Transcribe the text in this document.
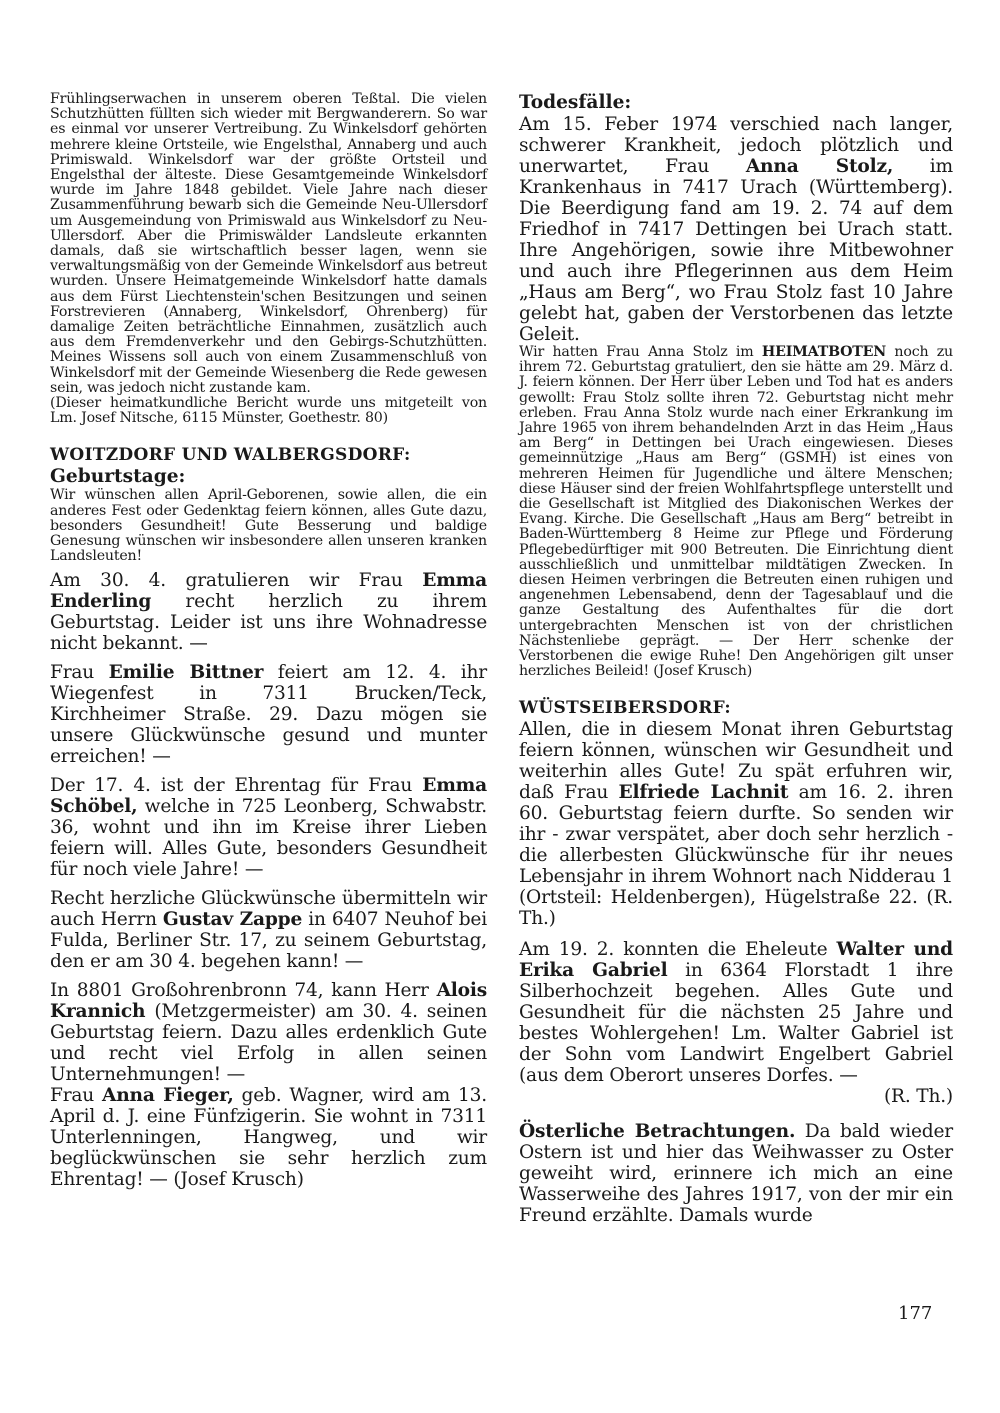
Frühlingserwachen in unserem oberen Teßtal. Die vielen Schutzhütten füllten sich wieder mit Bergwanderern. So war es einmal vor unserer Vertreibung. Zu Winkelsdorf gehörten mehrere kleine Ortsteile, wie Engelsthal, Annaberg und auch Primiswald. Winkelsdorf war der größte Ortsteil und Engelsthal der älteste. Diese Gesamtgemeinde Winkelsdorf wurde im Jahre 1848 gebildet. Viele Jahre nach dieser Zusammenführung bewarb sich die Gemeinde Neu-Ullersdorf um Ausgemeindung von Primiswald aus Winkelsdorf zu Neu-Ullersdorf. Aber die Primiswälder Landsleute erkannten damals, daß sie wirtschaftlich besser lagen, wenn sie verwaltungsmäßig von der Gemeinde Winkelsdorf aus betreut wurden. Unsere Heimatgemeinde Winkelsdorf hatte damals aus dem Fürst Liechtenstein'schen Besitzungen und seinen Forstrevieren (Annaberg, Winkelsdorf, Ohrenberg) für damalige Zeiten beträchtliche Einnahmen, zusätzlich auch aus dem Fremdenverkehr und den Gebirgs-Schutzhütten. Meines Wissens soll auch von einem Zusammenschluß von Winkelsdorf mit der Gemeinde Wiesenberg die Rede gewesen sein, was jedoch nicht zustande kam.

(Dieser heimatkundliche Bericht wurde uns mitgeteilt von Lm. Josef Nitsche, 6115 Münster, Goethestr. 80)

WOITZDORF UND WALBERGSDORF:
Geburtstage:

Wir wünschen allen April-Geborenen, sowie allen, die ein anderes Fest oder Gedenktag feiern können, alles Gute dazu, besonders Gesundheit! Gute Besserung und baldige Genesung wünschen wir insbesondere allen unseren kranken Landsleuten!

Am 30. 4. gratulieren wir Frau Emma Enderling recht herzlich zu ihrem Geburtstag. Leider ist uns ihre Wohnadresse nicht bekannt. —

Frau Emilie Bittner feiert am 12. 4. ihr Wiegenfest in 7311 Brucken/Teck, Kirchheimer Straße. 29. Dazu mögen sie unsere Glückwünsche gesund und munter erreichen! —

Der 17. 4. ist der Ehrentag für Frau Emma Schöbel, welche in 725 Leonberg, Schwabstr. 36, wohnt und ihn im Kreise ihrer Lieben feiern will. Alles Gute, besonders Gesundheit für noch viele Jahre! —

Recht herzliche Glückwünsche übermitteln wir auch Herrn Gustav Zappe in 6407 Neuhof bei Fulda, Berliner Str. 17, zu seinem Geburtstag, den er am 30 4. begehen kann! —

In 8801 Großohrenbronn 74, kann Herr Alois Krannich (Metzgermeister) am 30. 4. seinen Geburtstag feiern. Dazu alles erdenklich Gute und recht viel Erfolg in allen seinen Unternehmungen! —

Frau Anna Fieger, geb. Wagner, wird am 13. April d. J. eine Fünfzigerin. Sie wohnt in 7311 Unterlenningen, Hangweg, und wir beglückwünschen sie sehr herzlich zum Ehrentag! — (Josef Krusch)

Todesfälle:

Am 15. Feber 1974 verschied nach langer, schwerer Krankheit, jedoch plötzlich und unerwartet, Frau Anna Stolz, im Krankenhaus in 7417 Urach (Württemberg). Die Beerdigung fand am 19. 2. 74 auf dem Friedhof in 7417 Dettingen bei Urach statt. Ihre Angehörigen, sowie ihre Mitbewohner und auch ihre Pflegerinnen aus dem Heim „Haus am Berg“, wo Frau Stolz fast 10 Jahre gelebt hat, gaben der Verstorbenen das letzte Geleit.

Wir hatten Frau Anna Stolz im HEIMATBOTEN noch zu ihrem 72. Geburtstag gratuliert, den sie hätte am 29. März d. J. feiern können. Der Herr über Leben und Tod hat es anders gewollt: Frau Stolz sollte ihren 72. Geburtstag nicht mehr erleben. Frau Anna Stolz wurde nach einer Erkrankung im Jahre 1965 von ihrem behandelnden Arzt in das Heim „Haus am Berg“ in Dettingen bei Urach eingewiesen. Dieses gemeinnützige „Haus am Berg“ (GSMH) ist eines von mehreren Heimen für Jugendliche und ältere Menschen; diese Häuser sind der freien Wohlfahrtspflege unterstellt und die Gesellschaft ist Mitglied des Diakonischen Werkes der Evang. Kirche. Die Gesellschaft „Haus am Berg“ betreibt in Baden-Württemberg 8 Heime zur Pflege und Förderung Pflegebedürftiger mit 900 Betreuten. Die Einrichtung dient ausschließlich und unmittelbar mildtätigen Zwecken. In diesen Heimen verbringen die Betreuten einen ruhigen und angenehmen Lebensabend, denn der Tagesablauf und die ganze Gestaltung des Aufenthaltes für die dort untergebrachten Menschen ist von der christlichen Nächstenliebe geprägt. — Der Herr schenke der Verstorbenen die ewige Ruhe! Den Angehörigen gilt unser herzliches Beileid! (Josef Krusch)

WÜSTSEIBERSDORF:

Allen, die in diesem Monat ihren Geburtstag feiern können, wünschen wir Gesundheit und weiterhin alles Gute! Zu spät erfuhren wir, daß Frau Elfriede Lachnit am 16. 2. ihren 60. Geburtstag feiern durfte. So senden wir ihr - zwar verspätet, aber doch sehr herzlich - die allerbesten Glückwünsche für ihr neues Lebensjahr in ihrem Wohnort nach Nidderau 1 (Ortsteil: Heldenbergen), Hügelstraße 22. (R. Th.)

Am 19. 2. konnten die Eheleute Walter und Erika Gabriel in 6364 Florstadt 1 ihre Silberhochzeit begehen. Alles Gute und Gesundheit für die nächsten 25 Jahre und bestes Wohlergehen! Lm. Walter Gabriel ist der Sohn vom Landwirt Engelbert Gabriel (aus dem Oberort unseres Dorfes. —

(R. Th.)

Österliche Betrachtungen. Da bald wieder Ostern ist und hier das Weihwasser zu Oster geweiht wird, erinnere ich mich an eine Wasserweihe des Jahres 1917, von der mir ein Freund erzählte. Damals wurde

177
